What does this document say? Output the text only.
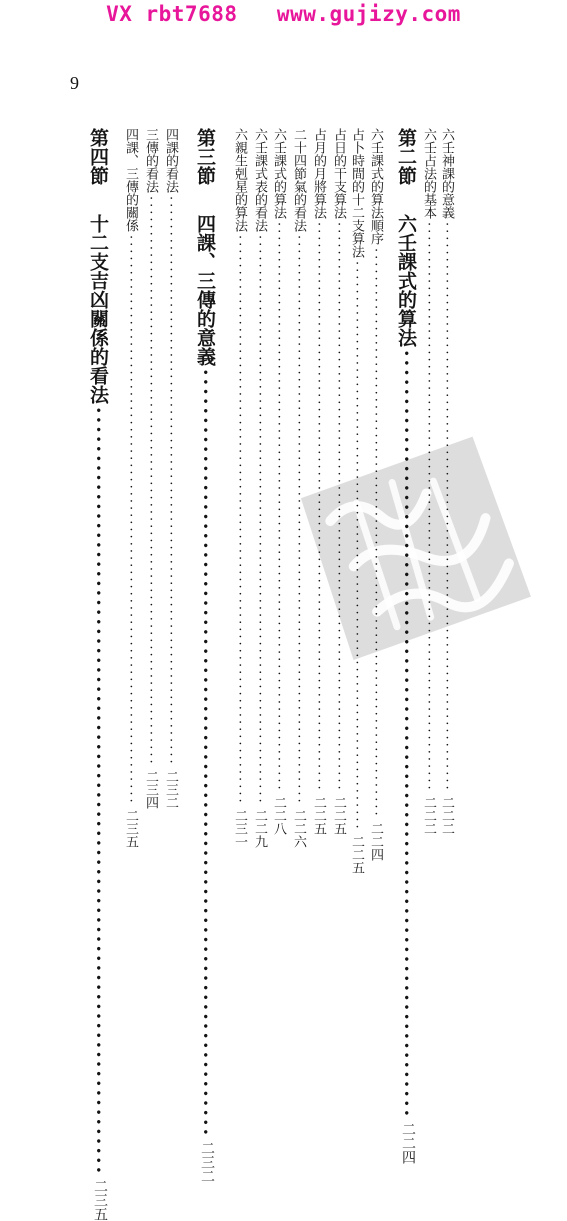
VX rbt7688   www.gujizy.com
9
六壬神課的意義
················································································
二二二
六壬占法的基本
················································································
二二二
第二節　六壬課式的算法
················································································
二二四
六壬課式的算法順序
················································································
二二四
占卜時間的十二支算法
················································································
二二五
占日的干支算法
················································································
二二五
占月的月將算法
················································································
二二五
二十四節氣的看法
················································································
二二六
六壬課式的算法
················································································
二二八
六壬課式表的看法
················································································
二二九
六親生剋星的算法
················································································
二三一
第三節　四課、三傳的意義
················································································
二三二
四課的看法
················································································
二三二
三傳的看法
················································································
二三四
四課、三傳的關係
················································································
二三五
第四節　十二支吉凶關係的看法
················································································
二三五
